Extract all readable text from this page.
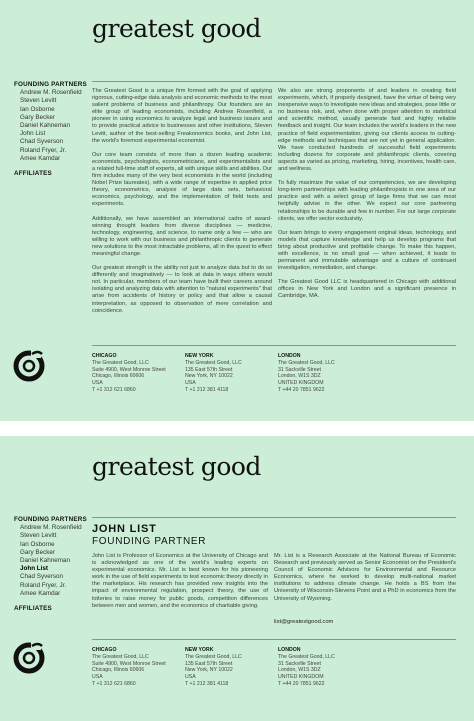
greatest good
FOUNDING PARTNERS
Andrew M. Rosenfield
Steven Levitt
Ian Osborne
Gary Becker
Daniel Kahneman
John List
Chad Syverson
Roland Fryer, Jr.
Amee Kamdar
AFFILIATES

The Greatest Good is a unique firm formed with the goal of applying rigorous, cutting-edge data analysis and economic methods to the most salient problems of business and philanthropy. Our founders are an elite group of leading economists, including Andrew Rosenfield, a pioneer in using economics to analyze legal and business issues and to provide practical advice to businesses and other institutions, Steven Levitt, author of the best-selling Freakonomics books, and John List, the world's foremost experimental economist.

Our core team consists of more than a dozen leading academic economists, psychologists, econometricians, and experimentalists and a related full-time staff of experts, all with unique skills and abilities. Our firm includes many of the very best economists in the world (including Nobel Prize laureates), with a wide range of expertise in applied price theory, econometrics, analysis of large data sets, behavioral economics, psychology, and the implementation of field tests and experiments.

Additionally, we have assembled an international cadre of award-winning thought leaders from diverse disciplines — medicine, technology, engineering, and science, to name only a few — who are willing to work with our business and philanthropic clients to generate new solutions to the most intractable problems, all in the quest to effect meaningful change.

Our greatest strength is the ability not just to analyze data but to do so differently and imaginatively — to look at data in ways others would not. In particular, members of our team have built their careers around isolating and analyzing data with attention to "natural experiments" that arise from accidents of history or policy and that allow a causal interpretation, as opposed to observation of mere correlation and coincidence.

We also are strong proponents of and leaders in creating field experiments, which, if properly designed, have the virtue of being very inexpensive ways to investigate new ideas and strategies, pose little or no business risk, and, when done with proper attention to statistical and scientific method, usually generate fast and highly reliable feedback and insight. Our team includes the world's leaders in the new practice of field experimentation, giving our clients access to cutting-edge methods and techniques that are not yet in general application. We have conducted hundreds of successful field experiments including dozens for corporate and philanthropic clients, covering aspects as varied as pricing, marketing, hiring, incentives, health care, and wellness.

To fully maximize the value of our competencies, we are developing long-term partnerships with leading philanthropists in one area of our practice and with a select group of large firms that we can most helpfully advise in the other. We expect our core partnering relationships to be durable and few in number. For our large corporate clients, we offer sector exclusivity.

Our team brings to every engagement original ideas, technology, and models that capture knowledge and help us develop programs that bring about productive and profitable change. To make this happen, with excellence, is no small goal — when achieved, it leads to permanent and immutable advantage and a culture of continued investigation, remediation, and change.

The Greatest Good LLC is headquartered in Chicago with additional offices in New York and London and a significant presence in Cambridge, MA.

CHICAGO
The Greatest Good, LLC
Suite 4900, West Monroe Street
Chicago, Illinois 60606
USA
T +1 312 621 6860
NEW YORK
The Greatest Good, LLC
135 East 57th Street
New York, NY 10022
USA
T +1 212 381 4118
LONDON
The Greatest Good, LLC
31 Sackville Street
London, W1S 3DZ
UNITED KINGDOM
T +44 20 7851 9622
greatest good
FOUNDING PARTNERS
Andrew M. Rosenfield
Steven Levitt
Ian Osborne
Gary Becker
Daniel Kahneman
John List
Chad Syverson
Roland Fryer, Jr.
Amee Kamdar
AFFILIATES
JOHN LIST
FOUNDING PARTNER

John List is Professor of Economics at the University of Chicago and is acknowledged as one of the world's leading experts on experimental economics. Mr. List is best known for his pioneering work in the use of field experiments to test economic theory directly in the marketplace. His research has provided new insights into the impact of environmental regulation, prospect theory, the use of lotteries to raise money for public goods, competition differences between men and women, and the economics of charitable giving.

Mr. List is a Research Associate at the National Bureau of Economic Research and previously served as Senior Economist on the President's Council of Economic Advisors for Environmental and Resource Economics, where he worked to develop multi-national market institutions to address climate change. He holds a BS from the University of Wisconsin-Stevens Point and a PhD in economics from the University of Wyoming.

list@greatestgood.com
CHICAGO
The Greatest Good, LLC
Suite 4900, West Monroe Street
Chicago, Illinois 60606
USA
T +1 312 621 6860
NEW YORK
The Greatest Good, LLC
135 East 57th Street
New York, NY 10022
USA
T +1 212 381 4118
LONDON
The Greatest Good, LLC
31 Sackville Street
London, W1S 3DZ
UNITED KINGDOM
T +44 20 7851 9622
